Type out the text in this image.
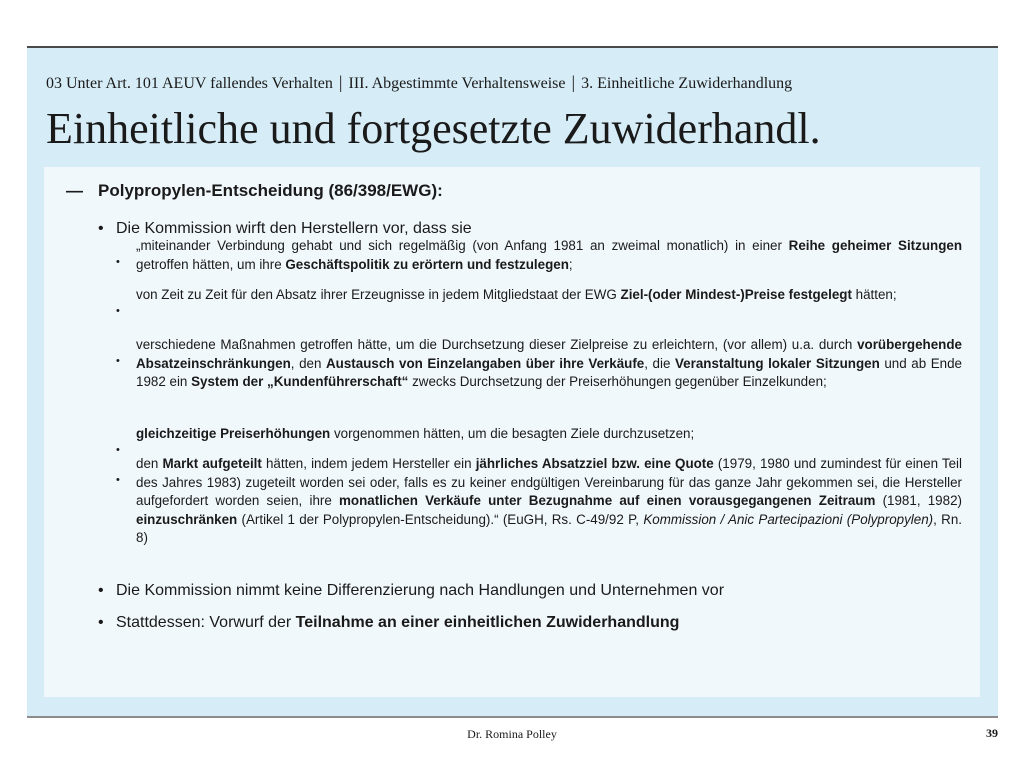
03 Unter Art. 101 AEUV fallendes Verhalten | III. Abgestimmte Verhaltensweise | 3. Einheitliche Zuwiderhandlung
Einheitliche und fortgesetzte Zuwiderhandl.
— Polypropylen-Entscheidung (86/398/EWG):
• Die Kommission wirft den Herstellern vor, dass sie
•
„miteinander Verbindung gehabt und sich regelmäßig (von Anfang 1981 an zweimal monatlich) in einer Reihe geheimer Sitzungen getroffen hätten, um ihre Geschäftspolitik zu erörtern und festzulegen;
•
von Zeit zu Zeit für den Absatz ihrer Erzeugnisse in jedem Mitgliedstaat der EWG Ziel-(oder Mindest-)Preise festgelegt hätten;
•
verschiedene Maßnahmen getroffen hätte, um die Durchsetzung dieser Zielpreise zu erleichtern, (vor allem) u.a. durch vorübergehende Absatzeinschränkungen, den Austausch von Einzelangaben über ihre Verkäufe, die Veranstaltung lokaler Sitzungen und ab Ende 1982 ein System der „Kundenführerschaft“ zwecks Durchsetzung der Preiserhöhungen gegenüber Einzelkunden;
•
gleichzeitige Preiserhöhungen vorgenommen hätten, um die besagten Ziele durchzusetzen;
•
den Markt aufgeteilt hätten, indem jedem Hersteller ein jährliches Absatzziel bzw. eine Quote (1979, 1980 und zumindest für einen Teil des Jahres 1983) zugeteilt worden sei oder, falls es zu keiner endgültigen Vereinbarung für das ganze Jahr gekommen sei, die Hersteller aufgefordert worden seien, ihre monatlichen Verkäufe unter Bezugnahme auf einen vorausgegangenen Zeitraum (1981, 1982) einzuschränken (Artikel 1 der Polypropylen-Entscheidung).“ (EuGH, Rs. C-49/92 P, Kommission / Anic Partecipazioni (Polypropylen), Rn. 8)
• Die Kommission nimmt keine Differenzierung nach Handlungen und Unternehmen vor
• Stattdessen: Vorwurf der Teilnahme an einer einheitlichen Zuwiderhandlung
Dr. Romina Polley	39
